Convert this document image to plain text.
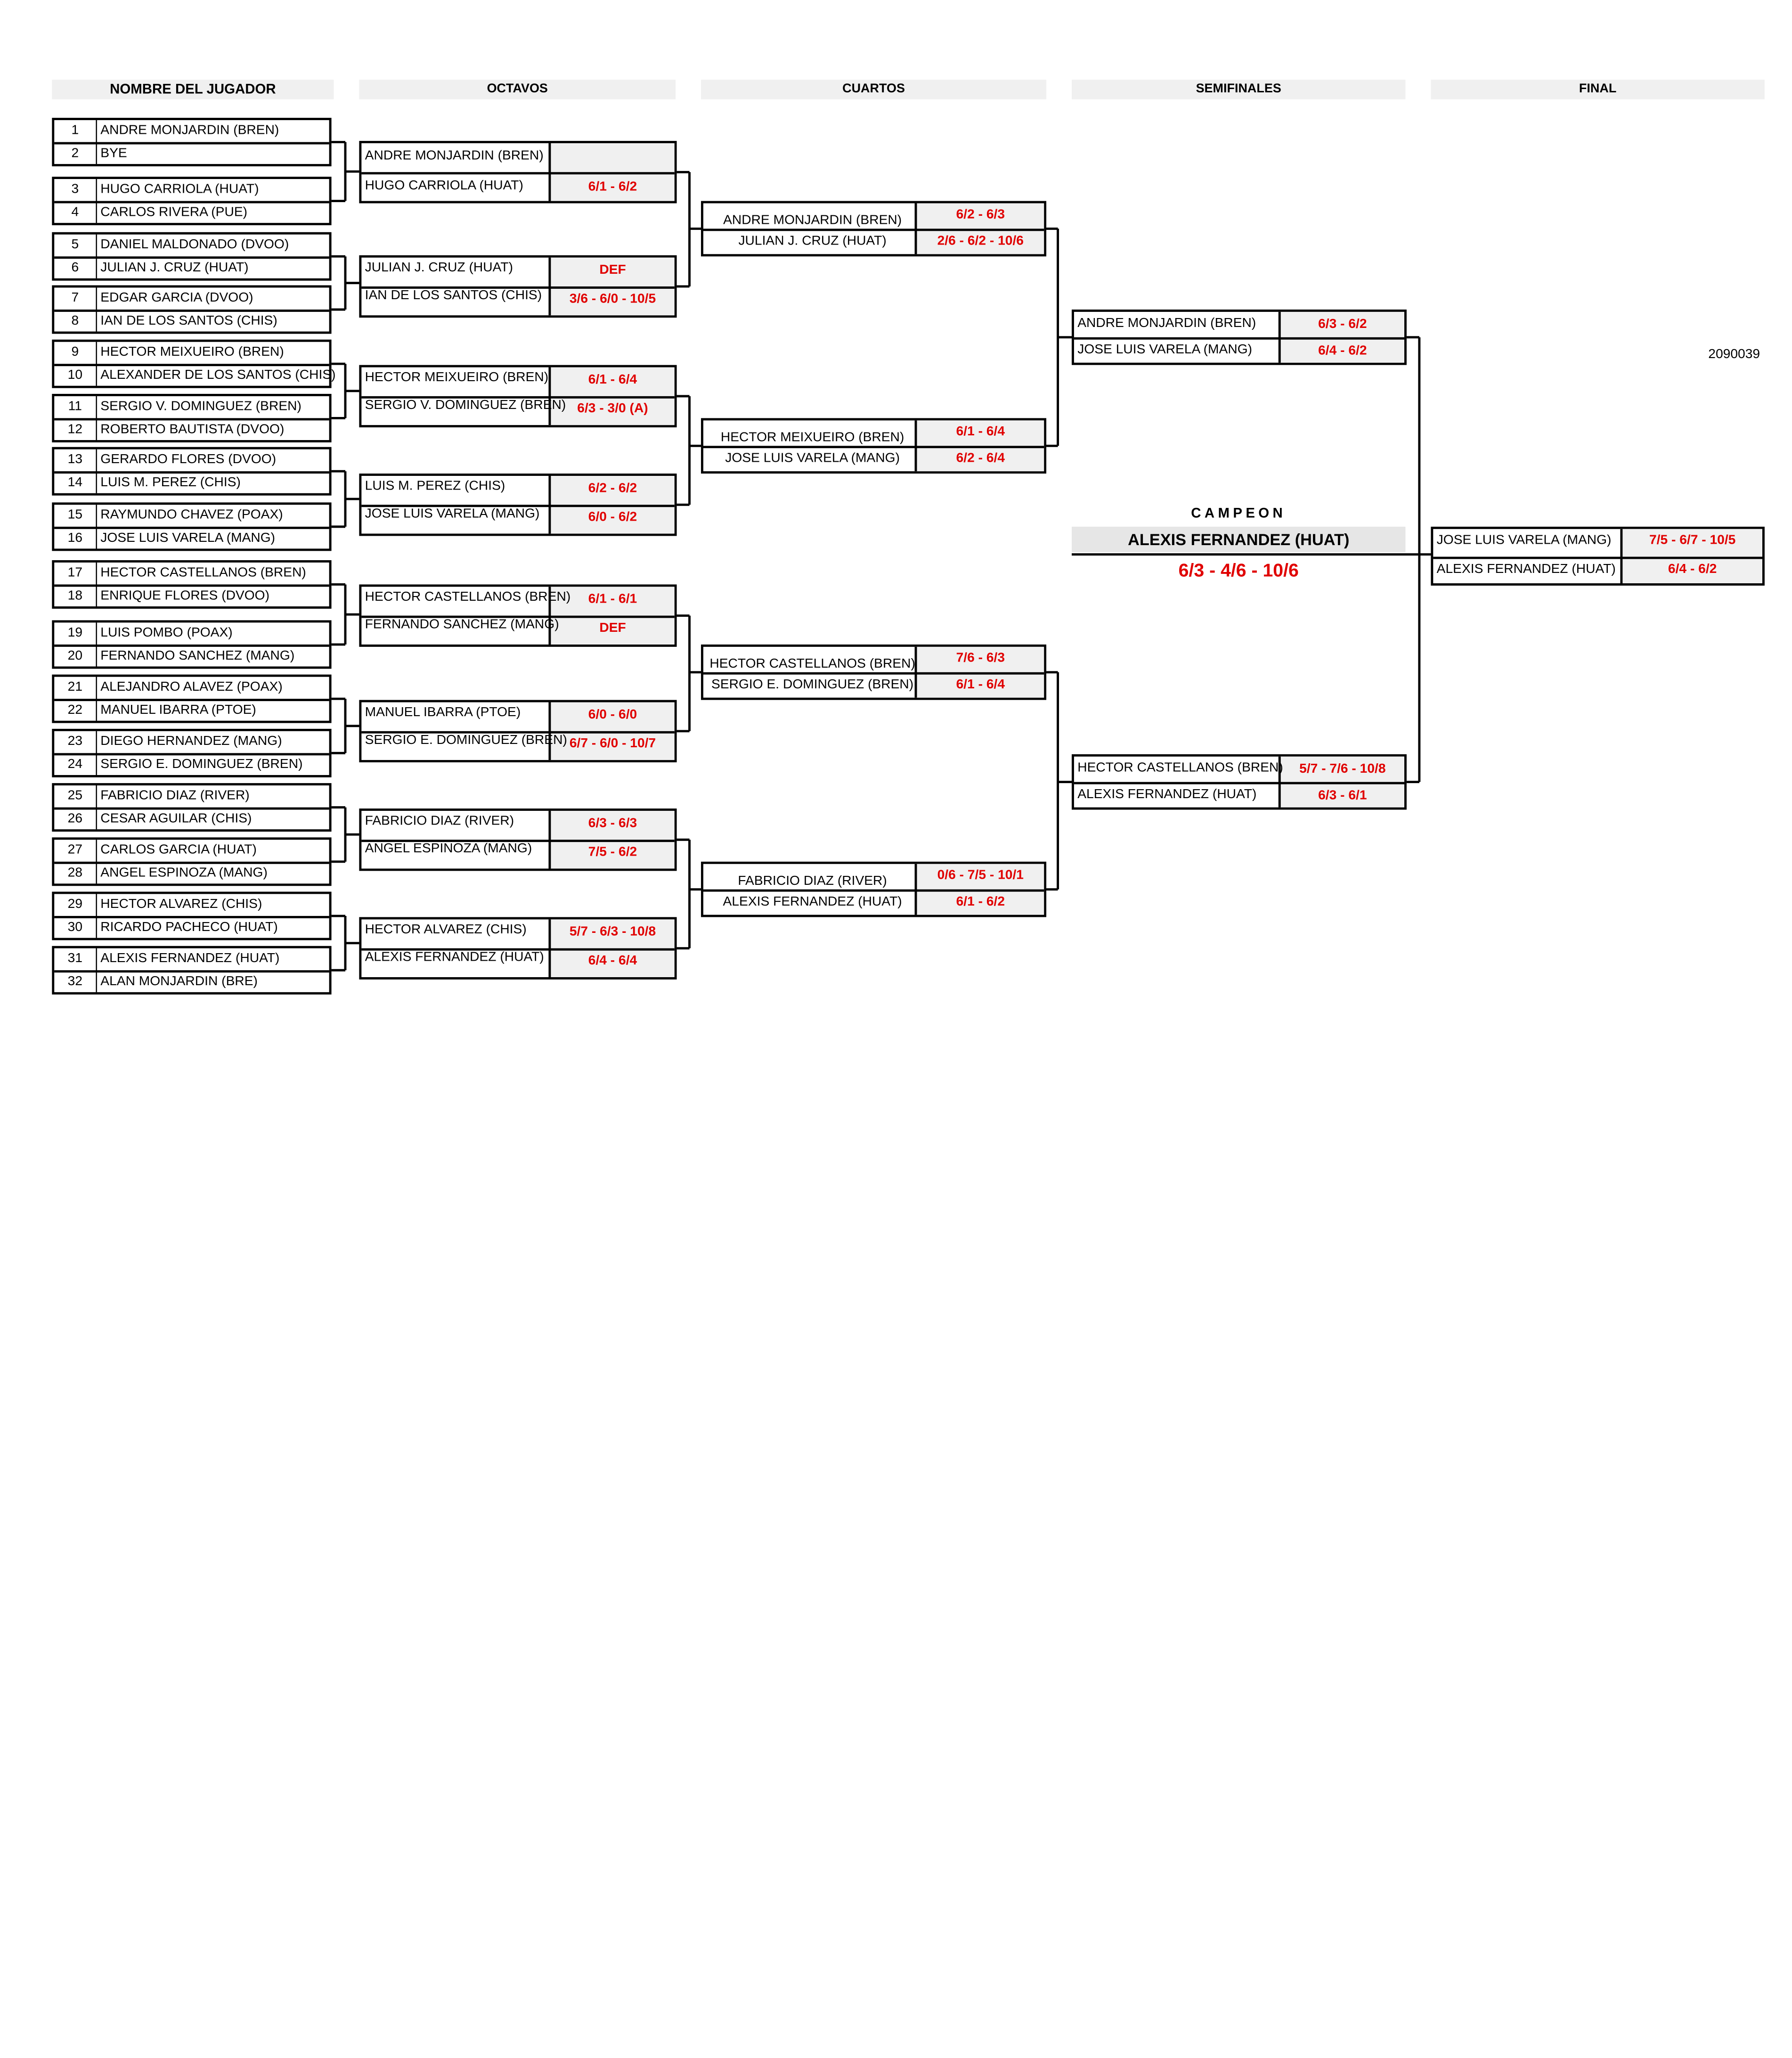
NOMBRE DEL JUGADOR	OCTAVOS	CUARTOS	SEMIFINALES	FINAL
1	ANDRE MONJARDIN (BREN)
2	BYE
3	HUGO CARRIOLA (HUAT)
4	CARLOS RIVERA (PUE)
5	DANIEL MALDONADO (DVOO)
6	JULIAN J. CRUZ (HUAT)
7	EDGAR GARCIA (DVOO)
8	IAN DE LOS SANTOS (CHIS)
9	HECTOR MEIXUEIRO (BREN)
10	ALEXANDER DE LOS SANTOS (CHIS)
11	SERGIO V. DOMINGUEZ (BREN)
12	ROBERTO BAUTISTA (DVOO)
13	GERARDO FLORES (DVOO)
14	LUIS M. PEREZ (CHIS)
15	RAYMUNDO CHAVEZ (POAX)
16	JOSE LUIS VARELA (MANG)
17	HECTOR CASTELLANOS (BREN)
18	ENRIQUE FLORES (DVOO)
19	LUIS POMBO (POAX)
20	FERNANDO SANCHEZ (MANG)
21	ALEJANDRO ALAVEZ (POAX)
22	MANUEL IBARRA (PTOE)
23	DIEGO HERNANDEZ (MANG)
24	SERGIO E. DOMINGUEZ (BREN)
25	FABRICIO DIAZ (RIVER)
26	CESAR AGUILAR (CHIS)
27	CARLOS GARCIA (HUAT)
28	ANGEL ESPINOZA (MANG)
29	HECTOR ALVAREZ (CHIS)
30	RICARDO PACHECO (HUAT)
31	ALEXIS FERNANDEZ (HUAT)
32	ALAN MONJARDIN (BRE)
ANDRE MONJARDIN (BREN)
HUGO CARRIOLA (HUAT)	6/1 - 6/2
JULIAN J. CRUZ (HUAT)	DEF
IAN DE LOS SANTOS (CHIS)	3/6 - 6/0 - 10/5
HECTOR MEIXUEIRO (BREN)	6/1 - 6/4
SERGIO V. DOMINGUEZ (BREN)	6/3 - 3/0 (A)
LUIS M. PEREZ (CHIS)	6/2 - 6/2
JOSE LUIS VARELA (MANG)	6/0 - 6/2
HECTOR CASTELLANOS (BREN)	6/1 - 6/1
FERNANDO SANCHEZ (MANG)	DEF
MANUEL IBARRA (PTOE)	6/0 - 6/0
SERGIO E. DOMINGUEZ (BREN) 6/7 - 6/0 - 10/7
FABRICIO DIAZ (RIVER)	6/3 - 6/3
ANGEL ESPINOZA (MANG)	7/5 - 6/2
HECTOR ALVAREZ (CHIS)	5/7 - 6/3 - 10/8
ALEXIS FERNANDEZ (HUAT)	6/4 - 6/4
ANDRE MONJARDIN (BREN)	6/2 - 6/3
JULIAN J. CRUZ (HUAT)	2/6 - 6/2 - 10/6
HECTOR MEIXUEIRO (BREN)	6/1 - 6/4
JOSE LUIS VARELA (MANG)	6/2 - 6/4
HECTOR CASTELLANOS (BREN)	7/6 - 6/3
SERGIO E. DOMINGUEZ (BREN)	6/1 - 6/4
FABRICIO DIAZ (RIVER)	0/6 - 7/5 - 10/1
ALEXIS FERNANDEZ (HUAT)	6/1 - 6/2
ANDRE MONJARDIN (BREN)	6/3 - 6/2
JOSE LUIS VARELA (MANG)	6/4 - 6/2
HECTOR CASTELLANOS (BREN)	5/7 - 7/6 - 10/8
ALEXIS FERNANDEZ (HUAT)	6/3 - 6/1
JOSE LUIS VARELA (MANG)	7/5 - 6/7 - 10/5
ALEXIS FERNANDEZ (HUAT)	6/4 - 6/2
CAMPEON
ALEXIS FERNANDEZ (HUAT)
6/3 - 4/6 - 10/6
2090039
